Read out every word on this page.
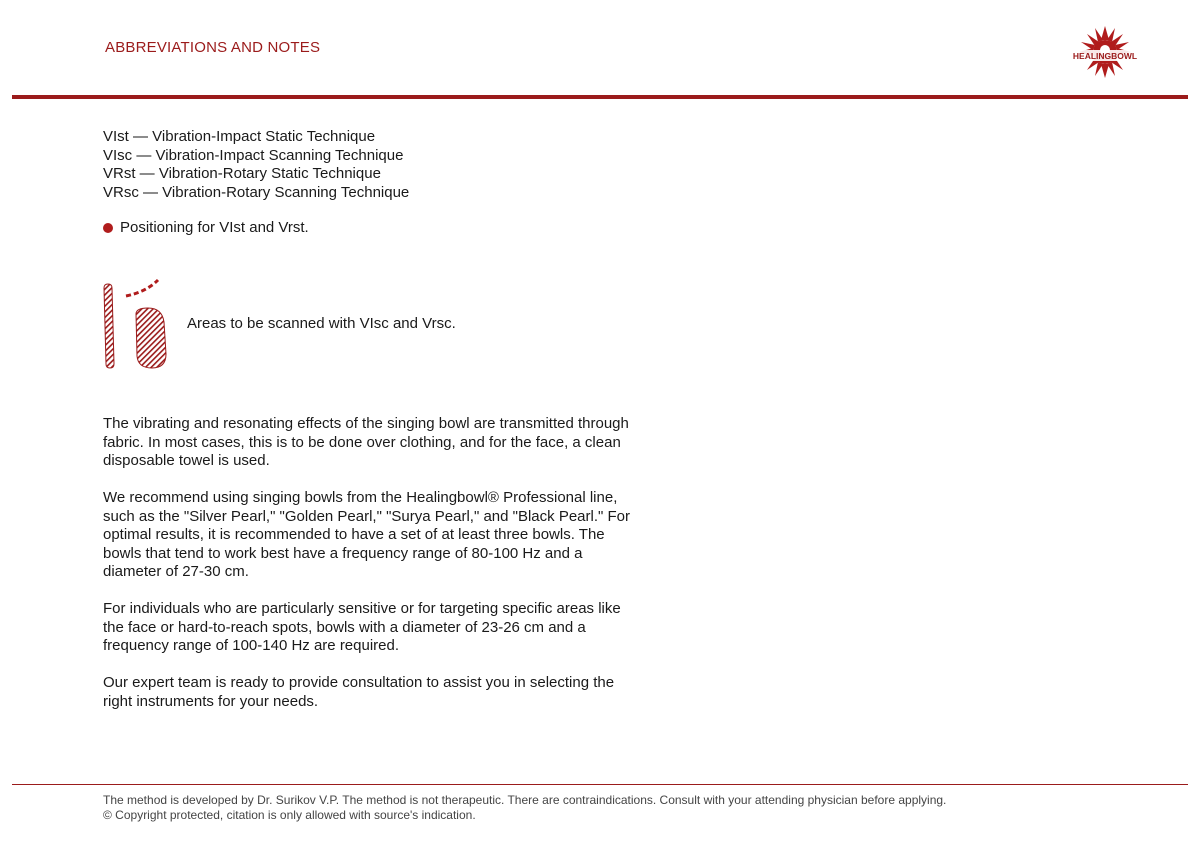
ABBREVIATIONS AND NOTES	HEALINGBOWL
VIst — Vibration-Impact Static Technique
VIsc — Vibration-Impact Scanning Technique
VRst — Vibration-Rotary Static Technique
VRsc — Vibration-Rotary Scanning Technique
Positioning for VIst and Vrst.
Areas to be scanned with VIsc and Vrsc.

The vibrating and resonating effects of the singing bowl are transmitted through fabric. In most cases, this is to be done over clothing, and for the face, a clean disposable towel is used.

We recommend using singing bowls from the Healingbowl® Professional line, such as the "Silver Pearl," "Golden Pearl," "Surya Pearl," and "Black Pearl." For optimal results, it is recommended to have a set of at least three bowls. The bowls that tend to work best have a frequency range of 80-100 Hz and a diameter of 27-30 cm.

For individuals who are particularly sensitive or for targeting specific areas like the face or hard-to-reach spots, bowls with a diameter of 23-26 cm and a frequency range of 100-140 Hz are required.

Our expert team is ready to provide consultation to assist you in selecting the right instruments for your needs.

The method is developed by Dr. Surikov V.P. The method is not therapeutic. There are contraindications. Consult with your attending physician before applying.
© Copyright protected, citation is only allowed with source's indication.
